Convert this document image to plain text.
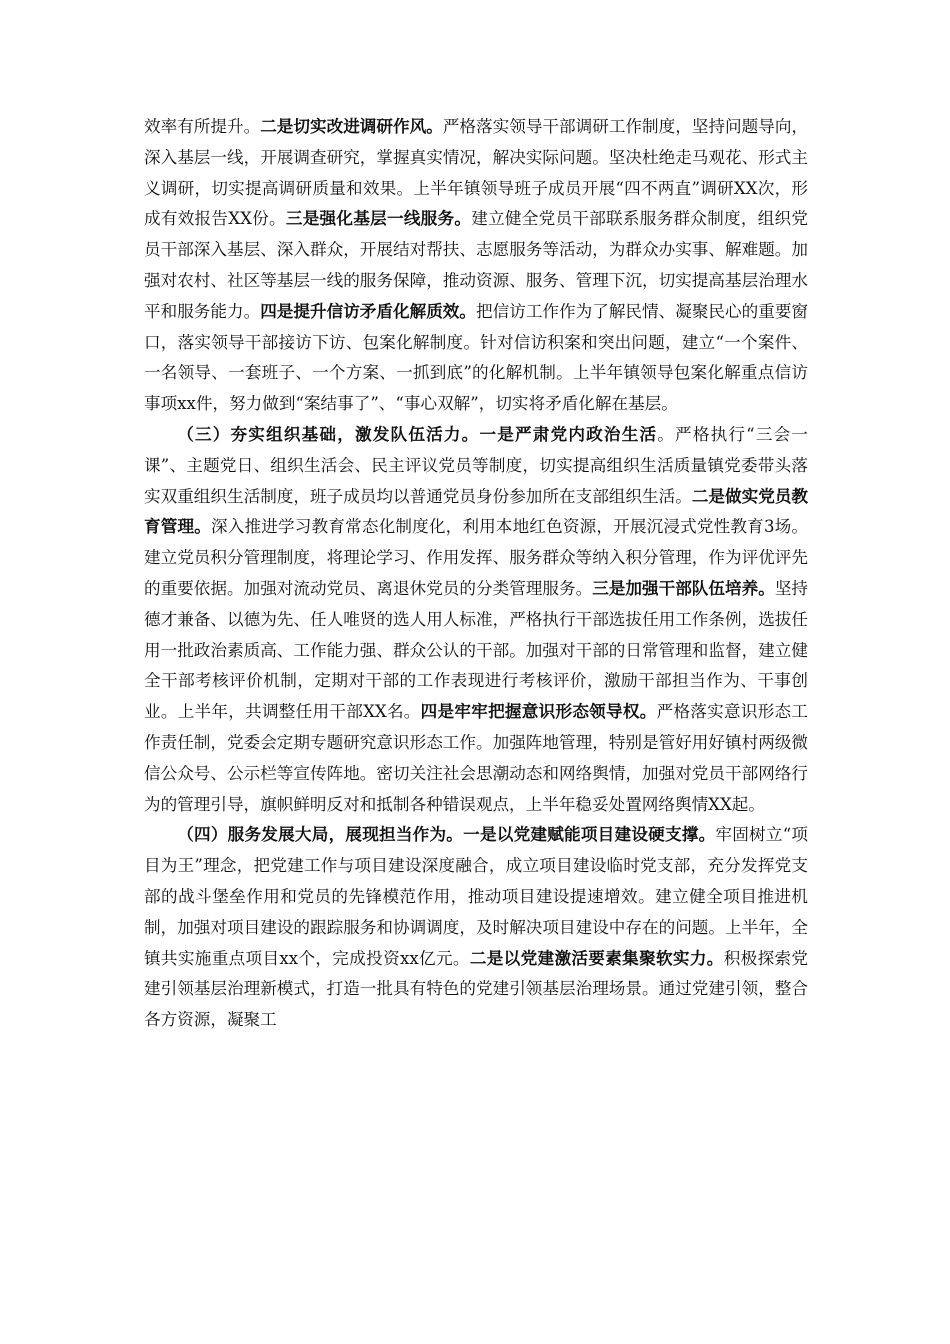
效率有所提升。二是切实改进调研作风。严格落实领导干部调研工作制度，坚持问题导向，深入基层一线，开展调查研究，掌握真实情况，解决实际问题。坚决杜绝走马观花、形式主义调研，切实提高调研质量和效果。上半年镇领导班子成员开展“四不两直”调研XX次，形成有效报告XX份。三是强化基层一线服务。建立健全党员干部联系服务群众制度，组织党员干部深入基层、深入群众，开展结对帮扶、志愿服务等活动，为群众办实事、解难题。加强对农村、社区等基层一线的服务保障，推动资源、服务、管理下沉，切实提高基层治理水平和服务能力。四是提升信访矛盾化解质效。把信访工作作为了解民情、凝聚民心的重要窗口，落实领导干部接访下访、包案化解制度。针对信访积案和突出问题，建立“一个案件、一名领导、一套班子、一个方案、一抓到底”的化解机制。上半年镇领导包案化解重点信访事项xx件，努力做到“案结事了”、“事心双解”，切实将矛盾化解在基层。

（三）夯实组织基础，激发队伍活力。一是严肃党内政治生活。严格执行“三会一课”、主题党日、组织生活会、民主评议党员等制度，切实提高组织生活质量镇党委带头落实双重组织生活制度，班子成员均以普通党员身份参加所在支部组织生活。二是做实党员教育管理。深入推进学习教育常态化制度化，利用本地红色资源，开展沉浸式党性教育3场。建立党员积分管理制度，将理论学习、作用发挥、服务群众等纳入积分管理，作为评优评先的重要依据。加强对流动党员、离退休党员的分类管理服务。三是加强干部队伍培养。坚持德才兼备、以德为先、任人唯贤的选人用人标准，严格执行干部选拔任用工作条例，选拔任用一批政治素质高、工作能力强、群众公认的干部。加强对干部的日常管理和监督，建立健全干部考核评价机制，定期对干部的工作表现进行考核评价，激励干部担当作为、干事创业。上半年，共调整任用干部XX名。四是牢牢把握意识形态领导权。严格落实意识形态工作责任制，党委会定期专题研究意识形态工作。加强阵地管理，特别是管好用好镇村两级微信公众号、公示栏等宣传阵地。密切关注社会思潮动态和网络舆情，加强对党员干部网络行为的管理引导，旗帜鲜明反对和抵制各种错误观点，上半年稳妥处置网络舆情XX起。

（四）服务发展大局，展现担当作为。一是以党建赋能项目建设硬支撑。牢固树立“项目为王”理念，把党建工作与项目建设深度融合，成立项目建设临时党支部，充分发挥党支部的战斗堡垒作用和党员的先锋模范作用，推动项目建设提速增效。建立健全项目推进机制，加强对项目建设的跟踪服务和协调调度，及时解决项目建设中存在的问题。上半年，全镇共实施重点项目xx个，完成投资xx亿元。二是以党建激活要素集聚软实力。积极探索党建引领基层治理新模式，打造一批具有特色的党建引领基层治理场景。通过党建引领，整合各方资源，凝聚工
